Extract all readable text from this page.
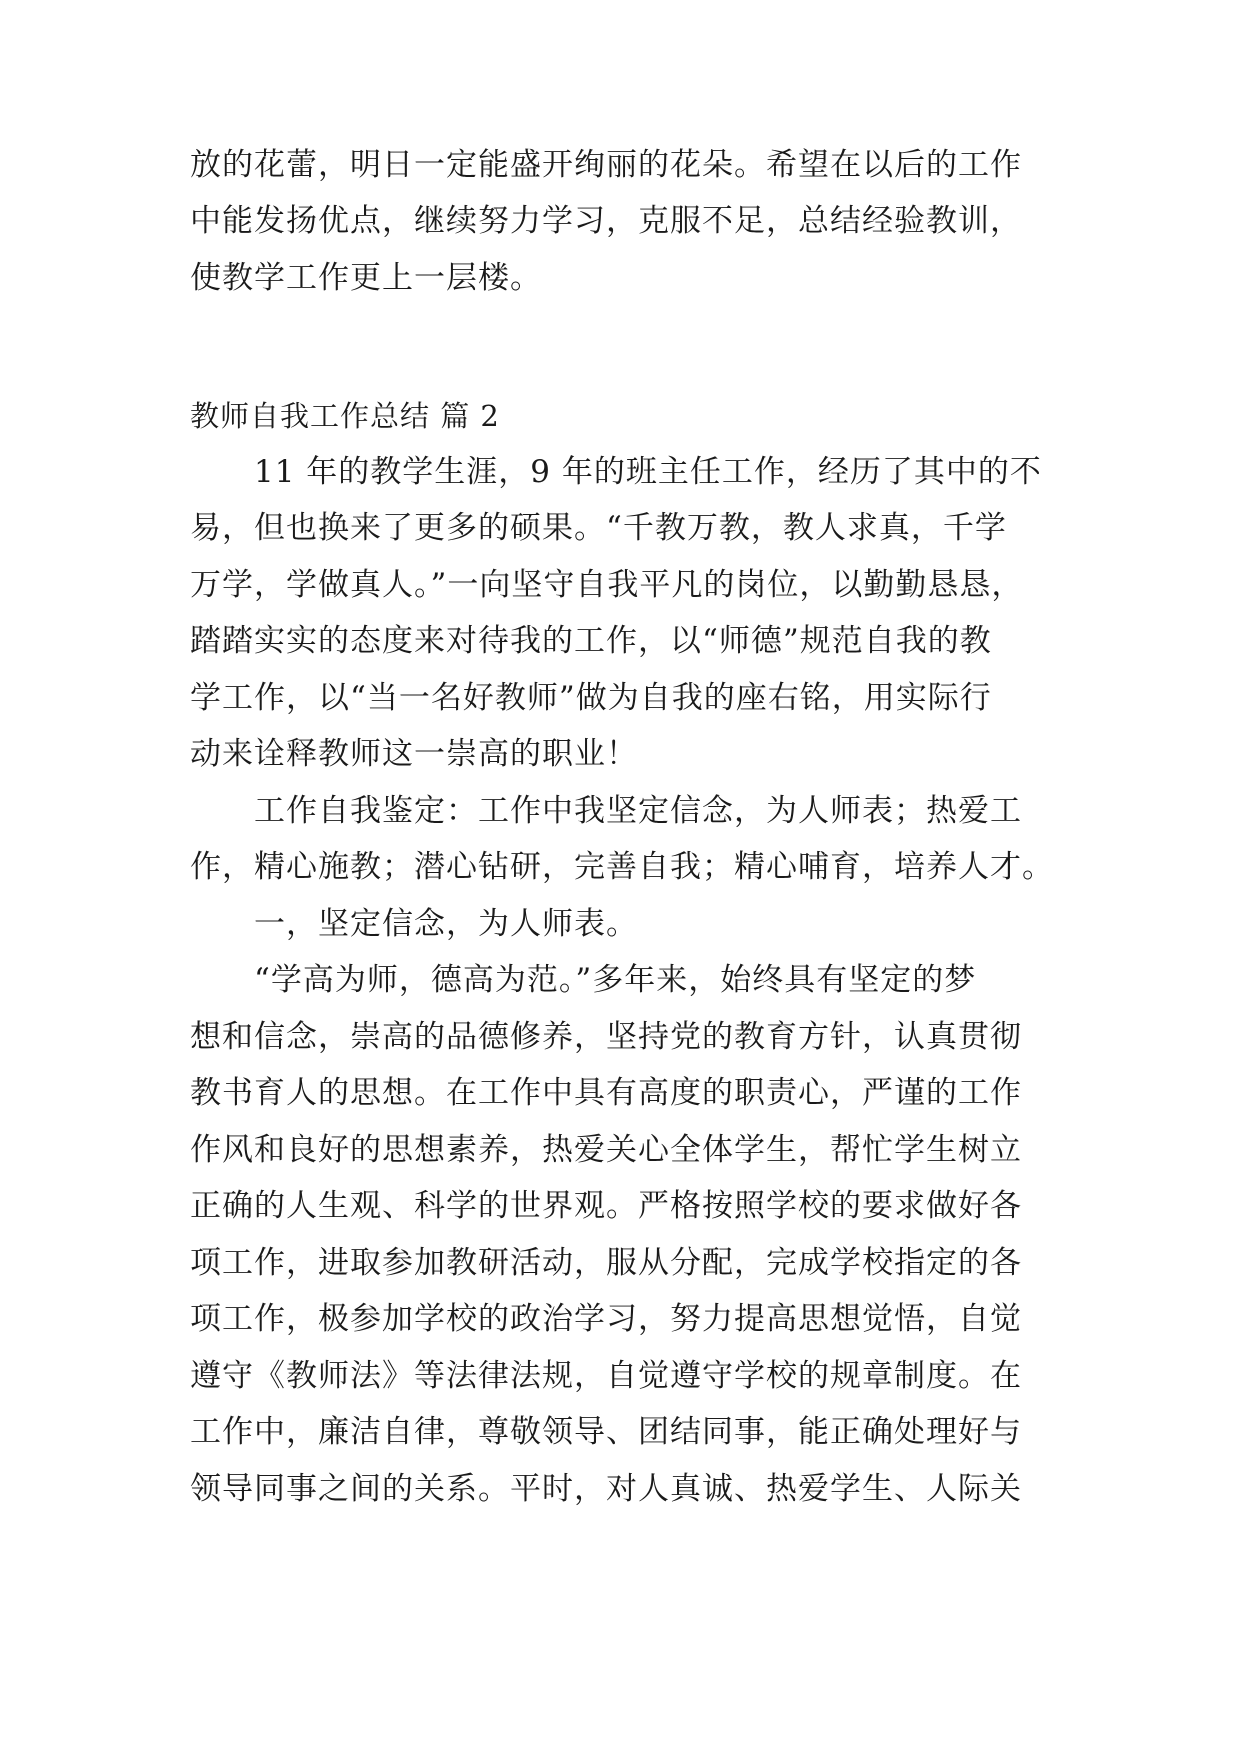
放的花蕾，明日一定能盛开绚丽的花朵。希望在以后的工作
中能发扬优点，继续努力学习，克服不足，总结经验教训，
使教学工作更上一层楼。
教师自我工作总结 篇 2
11 年的教学生涯，9 年的班主任工作，经历了其中的不
易，但也换来了更多的硕果。“千教万教，教人求真，千学
万学，学做真人。”一向坚守自我平凡的岗位，以勤勤恳恳，
踏踏实实的态度来对待我的工作，以“师德”规范自我的教
学工作，以“当一名好教师”做为自我的座右铭，用实际行
动来诠释教师这一崇高的职业！
工作自我鉴定：工作中我坚定信念，为人师表；热爱工
作，精心施教；潜心钻研，完善自我；精心哺育，培养人才。
一，坚定信念，为人师表。
“学高为师，德高为范。”多年来，始终具有坚定的梦
想和信念，崇高的品德修养，坚持党的教育方针，认真贯彻
教书育人的思想。在工作中具有高度的职责心，严谨的工作
作风和良好的思想素养，热爱关心全体学生，帮忙学生树立
正确的人生观、科学的世界观。严格按照学校的要求做好各
项工作，进取参加教研活动，服从分配，完成学校指定的各
项工作，极参加学校的政治学习，努力提高思想觉悟，自觉
遵守《教师法》等法律法规，自觉遵守学校的规章制度。在
工作中，廉洁自律，尊敬领导、团结同事，能正确处理好与
领导同事之间的关系。平时，对人真诚、热爱学生、人际关
